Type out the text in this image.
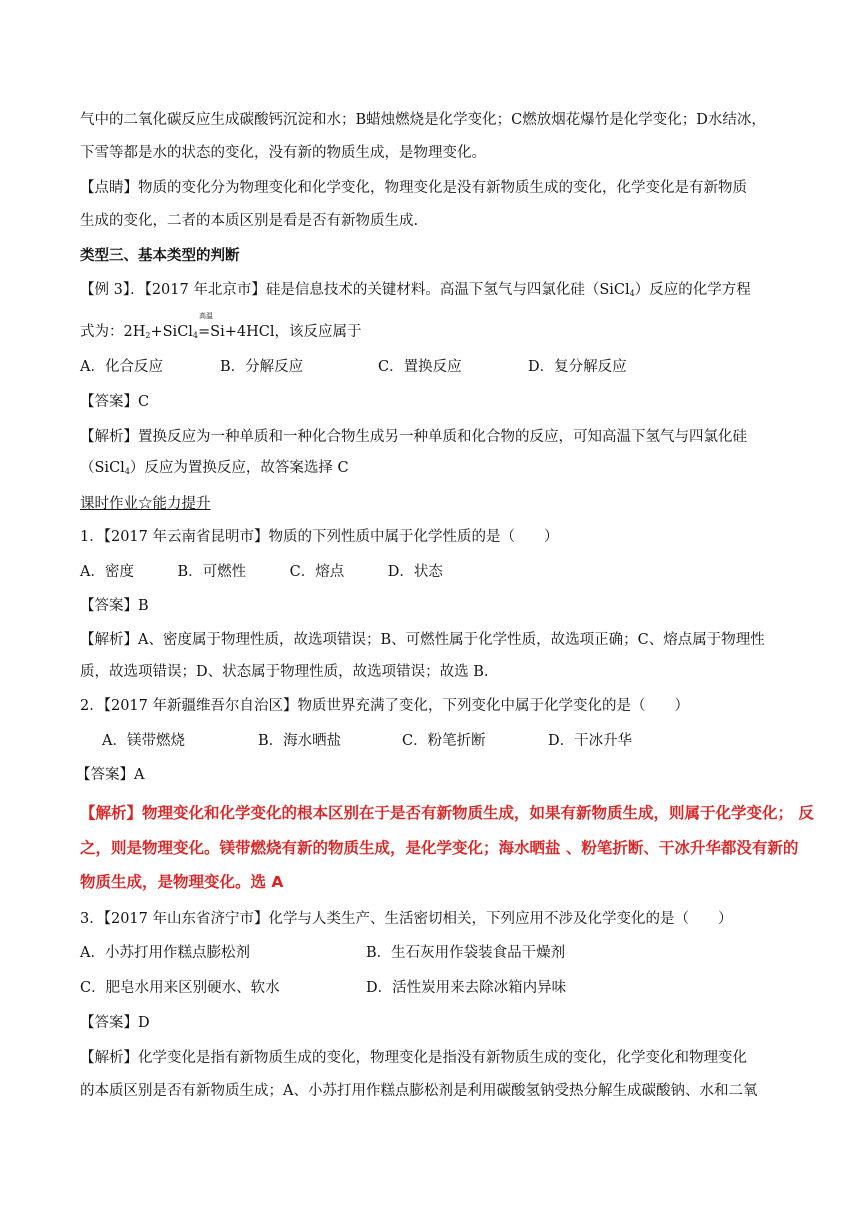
气中的二氧化碳反应生成碳酸钙沉淀和水；B蜡烛燃烧是化学变化；C燃放烟花爆竹是化学变化；D水结冰，
下雪等都是水的状态的变化，没有新的物质生成，是物理变化。
【点睛】物质的变化分为物理变化和化学变化，物理变化是没有新物质生成的变化，化学变化是有新物质
生成的变化，二者的本质区别是看是否有新物质生成.
类型三、基本类型的判断
【例 3】．【2017 年北京市】硅是信息技术的关键材料。高温下氢气与四氯化硅（SiCl$_4$）反应的化学方程
式为：$2H_2+SiCl_4$
高温
=Si+4HCl，该反应属于
A．化合反应	B．分解反应	C．置换反应	D．复分解反应
【答案】C
【解析】置换反应为一种单质和一种化合物生成另一种单质和化合物的反应，可知高温下氢气与四氯化硅
（SiCl$_4$）反应为置换反应，故答案选择 C
课时作业☆能力提升
1．【2017 年云南省昆明市】物质的下列性质中属于化学性质的是（　　）
A．密度　　　B．可燃性　　　C．熔点　　　D．状态
【答案】B
【解析】A、密度属于物理性质，故选项错误；B、可燃性属于化学性质，故选项正确；C、熔点属于物理性
质，故选项错误；D、状态属于物理性质，故选项错误；故选 B.
2．【2017 年新疆维吾尔自治区】物质世界充满了变化，下列变化中属于化学变化的是（　　）
A．镁带燃烧	B．海水晒盐	C．粉笔折断	D．干冰升华
【答案】A
【解析】物理变化和化学变化的根本区别在于是否有新物质生成，如果有新物质生成，则属于化学变化； 反
之，则是物理变化。镁带燃烧有新的物质生成，是化学变化；海水晒盐 、粉笔折断、干冰升华都没有新的
物质生成，是物理变化。选 A
3．【2017 年山东省济宁市】化学与人类生产、生活密切相关，下列应用不涉及化学变化的是（　　）
A．小苏打用作糕点膨松剂	B．生石灰用作袋装食品干燥剂
C．肥皂水用来区别硬水、软水	D．活性炭用来去除冰箱内异味
【答案】D
【解析】化学变化是指有新物质生成的变化，物理变化是指没有新物质生成的变化，化学变化和物理变化
的本质区别是否有新物质生成；A、小苏打用作糕点膨松剂是利用碳酸氢钠受热分解生成碳酸钠、水和二氧
